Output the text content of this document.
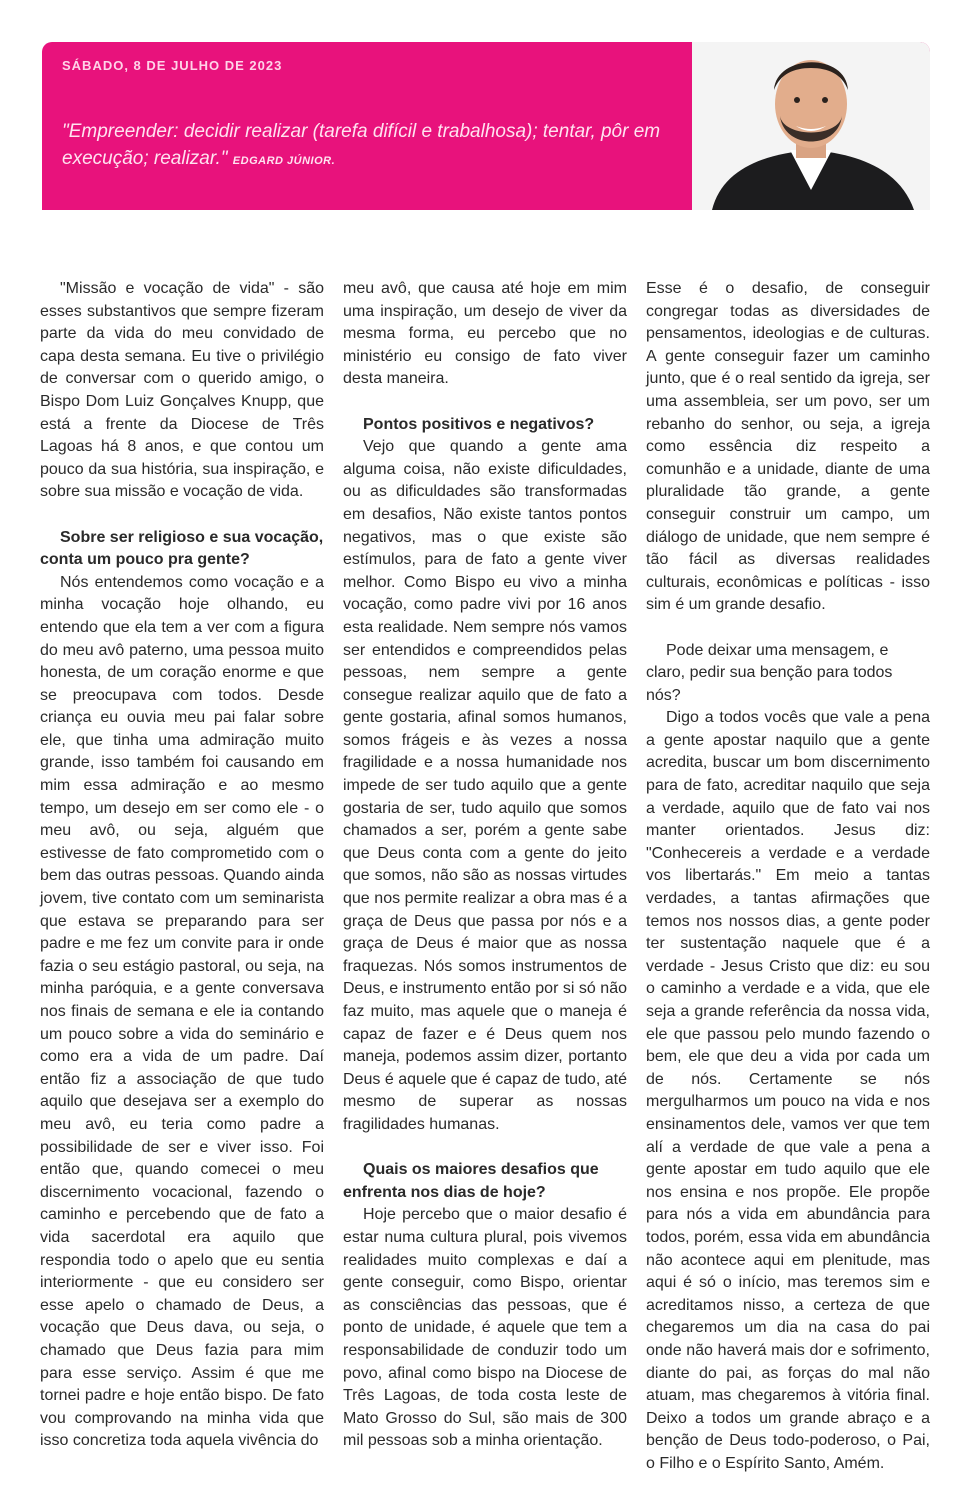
SÁBADO, 8 DE JULHO DE 2023
"Empreender: decidir realizar (tarefa difícil e trabalhosa); tentar, pôr em execução; realizar." EDGARD JÚNIOR.

"Missão e vocação de vida" - são esses substantivos que sempre fizeram parte da vida do meu convidado de capa desta semana. Eu tive o privilégio de conversar com o querido amigo, o Bispo Dom Luiz Gonçalves Knupp, que está a frente da Diocese de Três Lagoas há 8 anos, e que contou um pouco da sua história, sua inspiração, e sobre sua missão e vocação de vida.

Sobre ser religioso e sua vocação, conta um pouco pra gente?

Nós entendemos como vocação e a minha vocação hoje olhando, eu entendo que ela tem a ver com a figura do meu avô paterno, uma pessoa muito honesta, de um coração enorme e que se preocupava com todos. Desde criança eu ouvia meu pai falar sobre ele, que tinha uma admiração muito grande, isso também foi causando em mim essa admiração e ao mesmo tempo, um desejo em ser como ele - o meu avô, ou seja, alguém que estivesse de fato comprometido com o bem das outras pessoas. Quando ainda jovem, tive contato com um seminarista que estava se preparando para ser padre e me fez um convite para ir onde fazia o seu estágio pastoral, ou seja, na minha paróquia, e a gente conversava nos finais de semana e ele ia contando um pouco sobre a vida do seminário e como era a vida de um padre. Daí então fiz a associação de que tudo aquilo que desejava ser a exemplo do meu avô, eu teria como padre a possibilidade de ser e viver isso. Foi então que, quando comecei o meu discernimento vocacional, fazendo o caminho e percebendo que de fato a vida sacerdotal era aquilo que respondia todo o apelo que eu sentia interiormente - que eu considero ser esse apelo o chamado de Deus, a vocação que Deus dava, ou seja, o chamado que Deus fazia para mim para esse serviço. Assim é que me tornei padre e hoje então bispo. De fato vou comprovando na minha vida que isso concretiza toda aquela vivência do

meu avô, que causa até hoje em mim uma inspiração, um desejo de viver da mesma forma, eu percebo que no ministério eu consigo de fato viver desta maneira.

Pontos positivos e negativos?

Vejo que quando a gente ama alguma coisa, não existe dificuldades, ou as dificuldades são transformadas em desafios, Não existe tantos pontos negativos, mas o que existe são estímulos, para de fato a gente viver melhor. Como Bispo eu vivo a minha vocação, como padre vivi por 16 anos esta realidade. Nem sempre nós vamos ser entendidos e compreendidos pelas pessoas, nem sempre a gente consegue realizar aquilo que de fato a gente gostaria, afinal somos humanos, somos frágeis e às vezes a nossa fragilidade e a nossa humanidade nos impede de ser tudo aquilo que a gente gostaria de ser, tudo aquilo que somos chamados a ser, porém a gente sabe que Deus conta com a gente do jeito que somos, não são as nossas virtudes que nos permite realizar a obra mas é a graça de Deus que passa por nós e a graça de Deus é maior que as nossa fraquezas. Nós somos instrumentos de Deus, e instrumento então por si só não faz muito, mas aquele que o maneja é capaz de fazer e é Deus quem nos maneja, podemos assim dizer, portanto Deus é aquele que é capaz de tudo, até mesmo de superar as nossas fragilidades humanas.

Quais os maiores desafios que enfrenta nos dias de hoje?

Hoje percebo que o maior desafio é estar numa cultura plural, pois vivemos realidades muito complexas e daí a gente conseguir, como Bispo, orientar as consciências das pessoas, que é ponto de unidade, é aquele que tem a responsabilidade de conduzir todo um povo, afinal como bispo na Diocese de Três Lagoas, de toda costa leste de Mato Grosso do Sul, são mais de 300 mil pessoas sob a minha orientação.

Esse é o desafio, de conseguir congregar todas as diversidades de pensamentos, ideologias e de culturas. A gente conseguir fazer um caminho junto, que é o real sentido da igreja, ser uma assembleia, ser um povo, ser um rebanho do senhor, ou seja, a igreja como essência diz respeito a comunhão e a unidade, diante de uma pluralidade tão grande, a gente conseguir construir um campo, um diálogo de unidade, que nem sempre é tão fácil as diversas realidades culturais, econômicas e políticas - isso sim é um grande desafio.

Pode deixar uma mensagem, e claro, pedir sua benção para todos nós?

Digo a todos vocês que vale a pena a gente apostar naquilo que a gente acredita, buscar um bom discernimento para de fato, acreditar naquilo que seja a verdade, aquilo que de fato vai nos manter orientados. Jesus diz: "Conhecereis a verdade e a verdade vos libertarás." Em meio a tantas verdades, a tantas afirmações que temos nos nossos dias, a gente poder ter sustentação naquele que é a verdade - Jesus Cristo que diz: eu sou o caminho a verdade e a vida, que ele seja a grande referência da nossa vida, ele que passou pelo mundo fazendo o bem, ele que deu a vida por cada um de nós. Certamente se nós mergulharmos um pouco na vida e nos ensinamentos dele, vamos ver que tem alí a verdade de que vale a pena a gente apostar em tudo aquilo que ele nos ensina e nos propõe. Ele propõe para nós a vida em abundância para todos, porém, essa vida em abundância não acontece aqui em plenitude, mas aqui é só o início, mas teremos sim e acreditamos nisso, a certeza de que chegaremos um dia na casa do pai onde não haverá mais dor e sofrimento, diante do pai, as forças do mal não atuam, mas chegaremos à vitória final. Deixo a todos um grande abraço e a benção de Deus todo-poderoso, o Pai, o Filho e o Espírito Santo, Amém.
